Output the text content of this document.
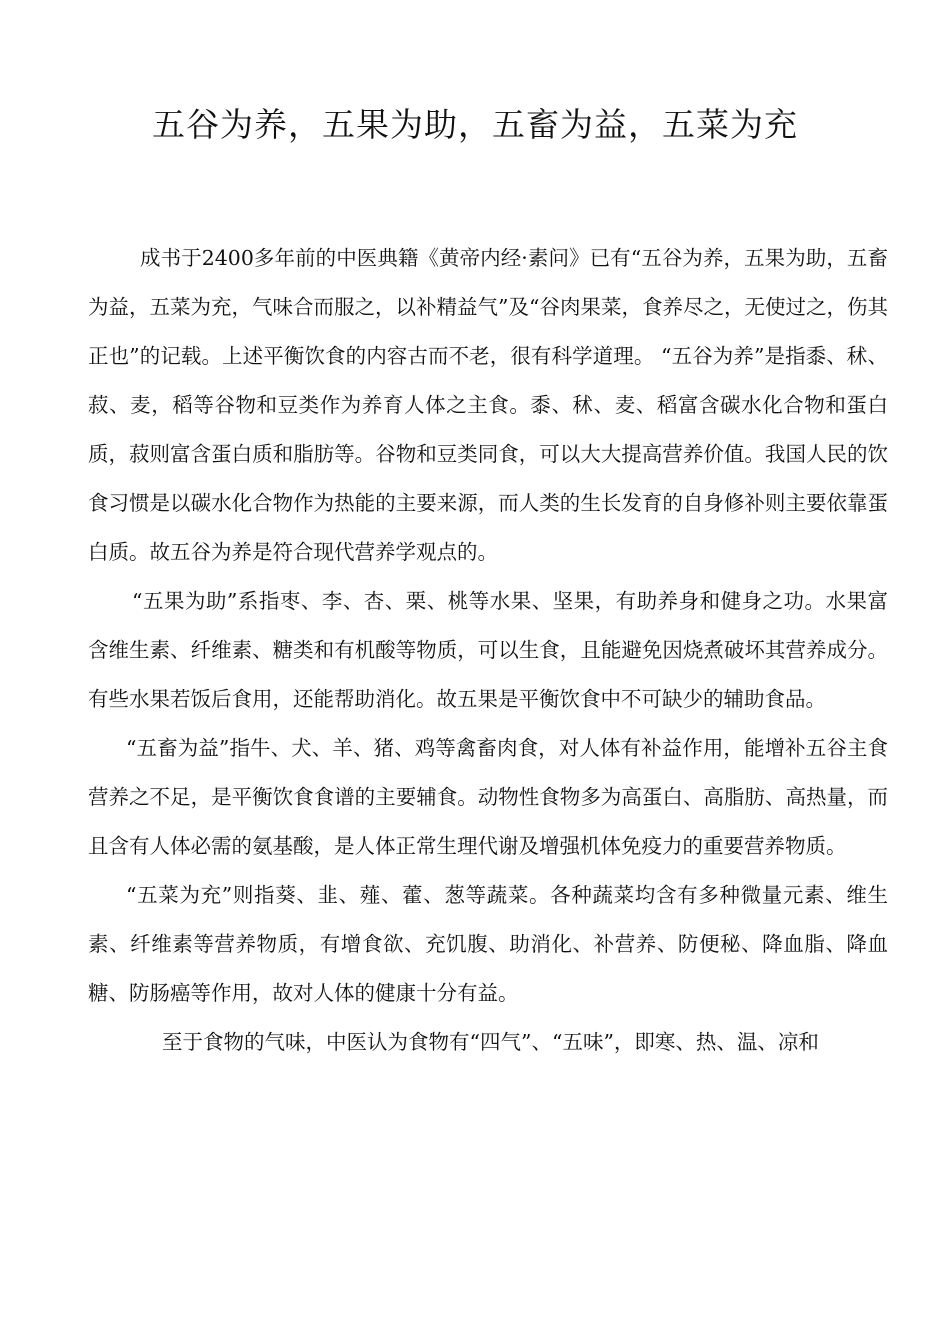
五谷为养，五果为助，五畜为益，五菜为充

成书于2400多年前的中医典籍《黄帝内经·素问》已有“五谷为养，五果为助，五畜为益，五菜为充，气味合而服之，以补精益气”及“谷肉果菜，食养尽之，无使过之，伤其正也”的记载。上述平衡饮食的内容古而不老，很有科学道理。 “五谷为养”是指黍、秫、菽、麦，稻等谷物和豆类作为养育人体之主食。黍、秫、麦、稻富含碳水化合物和蛋白质，菽则富含蛋白质和脂肪等。谷物和豆类同食，可以大大提高营养价值。我国人民的饮食习惯是以碳水化合物作为热能的主要来源，而人类的生长发育的自身修补则主要依靠蛋白质。故五谷为养是符合现代营养学观点的。

“五果为助”系指枣、李、杏、栗、桃等水果、坚果，有助养身和健身之功。水果富含维生素、纤维素、糖类和有机酸等物质，可以生食，且能避免因烧煮破坏其营养成分。有些水果若饭后食用，还能帮助消化。故五果是平衡饮食中不可缺少的辅助食品。

“五畜为益”指牛、犬、羊、猪、鸡等禽畜肉食，对人体有补益作用，能增补五谷主食营养之不足，是平衡饮食食谱的主要辅食。动物性食物多为高蛋白、高脂肪、高热量，而且含有人体必需的氨基酸，是人体正常生理代谢及增强机体免疫力的重要营养物质。

“五菜为充”则指葵、韭、薤、藿、葱等蔬菜。各种蔬菜均含有多种微量元素、维生素、纤维素等营养物质，有增食欲、充饥腹、助消化、补营养、防便秘、降血脂、降血糖、防肠癌等作用，故对人体的健康十分有益。

至于食物的气味，中医认为食物有“四气”、“五味”，即寒、热、温、凉和
